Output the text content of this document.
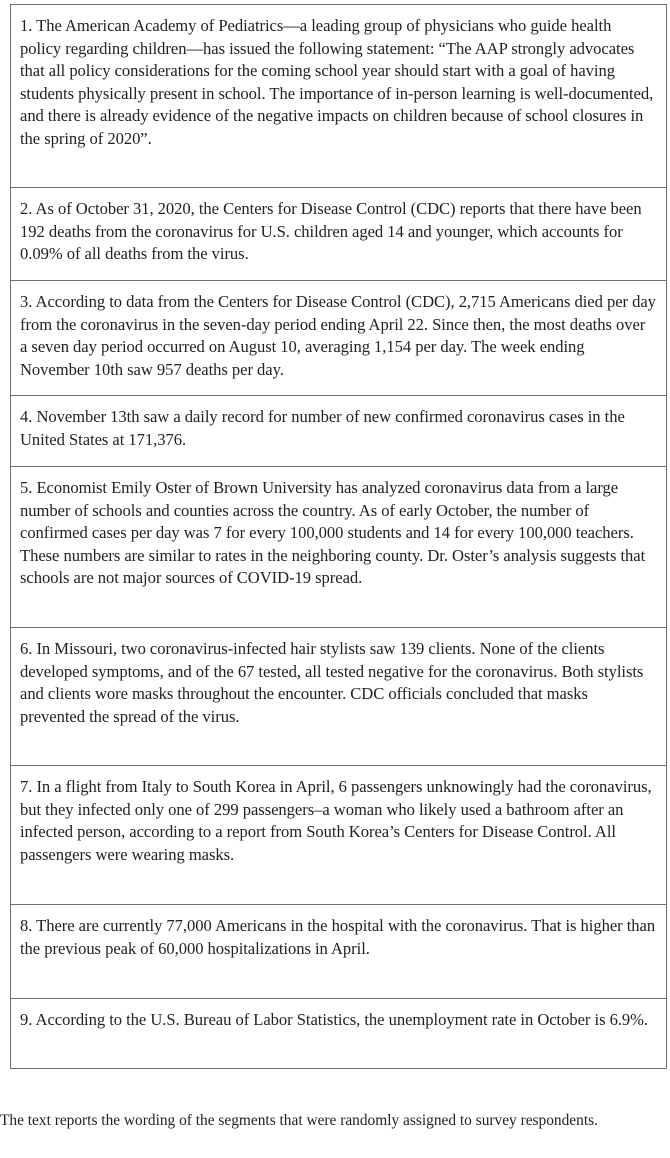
1. The American Academy of Pediatrics—a leading group of physicians who guide health policy regarding children—has issued the following statement: “The AAP strongly advocates that all policy considerations for the coming school year should start with a goal of having students physically present in school. The importance of in-person learning is well-documented, and there is already evidence of the negative impacts on children because of school closures in the spring of 2020”.
2. As of October 31, 2020, the Centers for Disease Control (CDC) reports that there have been 192 deaths from the coronavirus for U.S. children aged 14 and younger, which accounts for 0.09% of all deaths from the virus.
3. According to data from the Centers for Disease Control (CDC), 2,715 Americans died per day from the coronavirus in the seven-day period ending April 22. Since then, the most deaths over a seven day period occurred on August 10, averaging 1,154 per day. The week ending November 10th saw 957 deaths per day.
4. November 13th saw a daily record for number of new confirmed coronavirus cases in the United States at 171,376.
5. Economist Emily Oster of Brown University has analyzed coronavirus data from a large number of schools and counties across the country. As of early October, the number of confirmed cases per day was 7 for every 100,000 students and 14 for every 100,000 teachers. These numbers are similar to rates in the neighboring county. Dr. Oster’s analysis suggests that schools are not major sources of COVID-19 spread.
6. In Missouri, two coronavirus-infected hair stylists saw 139 clients. None of the clients developed symptoms, and of the 67 tested, all tested negative for the coronavirus. Both stylists and clients wore masks throughout the encounter. CDC officials concluded that masks prevented the spread of the virus.
7. In a flight from Italy to South Korea in April, 6 passengers unknowingly had the coronavirus, but they infected only one of 299 passengers–a woman who likely used a bathroom after an infected person, according to a report from South Korea’s Centers for Disease Control. All passengers were wearing masks.
8. There are currently 77,000 Americans in the hospital with the coronavirus. That is higher than the previous peak of 60,000 hospitalizations in April.
9. According to the U.S. Bureau of Labor Statistics, the unemployment rate in October is 6.9%.
The text reports the wording of the segments that were randomly assigned to survey respondents.
